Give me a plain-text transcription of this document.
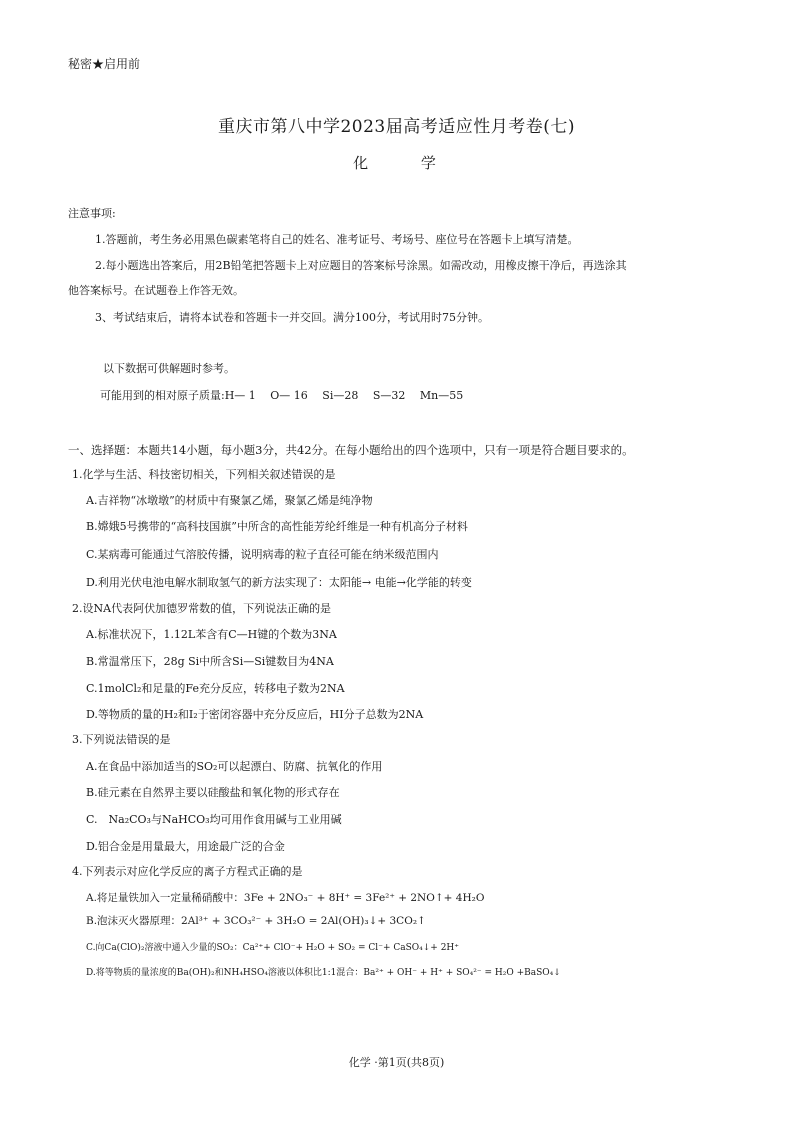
秘密★启用前
重庆市第八中学2023届高考适应性月考卷(七)
化 学
注意事项:
1.答题前，考生务必用黑色碳素笔将自己的姓名、准考证号、考场号、座位号在答题卡上填写清楚。
2.每小题选出答案后，用2B铅笔把答题卡上对应题目的答案标号涂黑。如需改动，用橡皮擦干净后，再选涂其
他答案标号。在试题卷上作答无效。
3、考试结束后，请将本试卷和答题卡一并交回。满分100分，考试用时75分钟。
以下数据可供解题时参考。
可能用到的相对原子质量:H— 1　 O— 16　 Si—28　 S—32　 Mn—55
一、选择题：本题共14小题，每小题3分，共42分。在每小题给出的四个选项中，只有一项是符合题目要求的。
1.化学与生活、科技密切相关，下列相关叙述错误的是
A.吉祥物“冰墩墩”的材质中有聚氯乙烯，聚氯乙烯是纯净物
B.嫦娥5号携带的“高科技国旗”中所含的高性能芳纶纤维是一种有机高分子材料
C.某病毒可能通过气溶胶传播，说明病毒的粒子直径可能在纳米级范围内
D.利用光伏电池电解水制取氢气的新方法实现了：太阳能→ 电能→化学能的转变
2.设NA代表阿伏加德罗常数的值，下列说法正确的是
A.标准状况下，1.12L苯含有C—H键的个数为3NA
B.常温常压下，28g Si中所含Si—Si键数目为4NA
C.1molCl₂和足量的Fe充分反应，转移电子数为2NA
D.等物质的量的H₂和I₂于密闭容器中充分反应后，HI分子总数为2NA
3.下列说法错误的是
A.在食品中添加适当的SO₂可以起漂白、防腐、抗氧化的作用
B.硅元素在自然界主要以硅酸盐和氧化物的形式存在
C.　Na₂CO₃与NaHCO₃均可用作食用碱与工业用碱
D.铝合金是用量最大，用途最广泛的合金
4.下列表示对应化学反应的离子方程式正确的是
A.将足量铁加入一定量稀硝酸中：3Fe + 2NO₃⁻ + 8H⁺ = 3Fe²⁺ + 2NO↑+ 4H₂O
B.泡沫灭火器原理：2Al³⁺ + 3CO₃²⁻ + 3H₂O = 2Al(OH)₃↓+ 3CO₂↑
C.向Ca(ClO)₂溶液中通入少量的SO₂：Ca²⁺+ ClO⁻+ H₂O + SO₂ = Cl⁻+ CaSO₄↓+ 2H⁺
D.将等物质的量浓度的Ba(OH)₂和NH₄HSO₄溶液以体积比1:1混合：Ba²⁺ + OH⁻ + H⁺ + SO₄²⁻ = H₂O +BaSO₄↓
化学 ·第1页(共8页)
